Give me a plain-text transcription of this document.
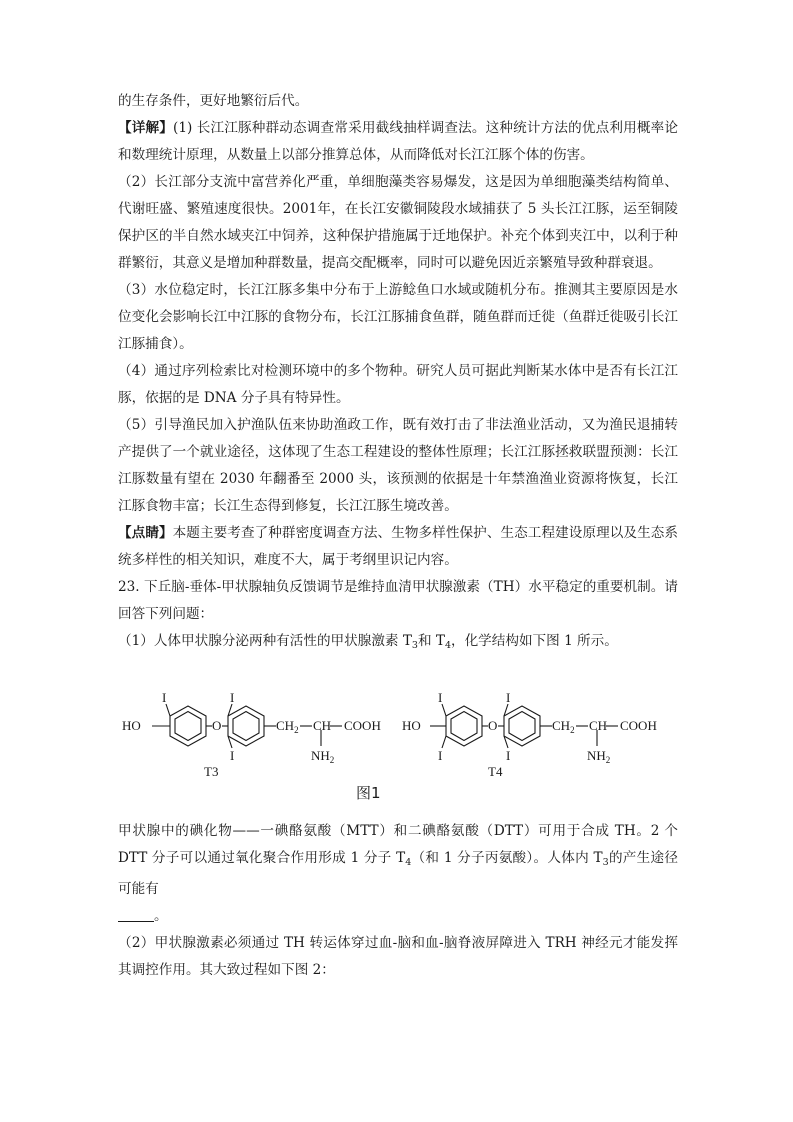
的生存条件，更好地繁衍后代。

【详解】(1) 长江江豚种群动态调查常采用截线抽样调查法。这种统计方法的优点利用概率论和数理统计原理，从数量上以部分推算总体，从而降低对长江江豚个体的伤害。

（2）长江部分支流中富营养化严重，单细胞藻类容易爆发，这是因为单细胞藻类结构简单、代谢旺盛、繁殖速度很快。2001年，在长江安徽铜陵段水域捕获了 5 头长江江豚，运至铜陵保护区的半自然水域夹江中饲养，这种保护措施属于迁地保护。补充个体到夹江中，以利于种群繁衍，其意义是增加种群数量，提高交配概率，同时可以避免因近亲繁殖导致种群衰退。

（3）水位稳定时，长江江豚多集中分布于上游鲶鱼口水域或随机分布。推测其主要原因是水位变化会影响长江中江豚的食物分布，长江江豚捕食鱼群，随鱼群而迁徙（鱼群迁徙吸引长江江豚捕食）。

（4）通过序列检索比对检测环境中的多个物种。研究人员可据此判断某水体中是否有长江江豚，依据的是 DNA 分子具有特异性。

（5）引导渔民加入护渔队伍来协助渔政工作，既有效打击了非法渔业活动，又为渔民退捕转产提供了一个就业途径，这体现了生态工程建设的整体性原理；长江江豚拯救联盟预测：长江江豚数量有望在 2030 年翻番至 2000 头，该预测的依据是十年禁渔渔业资源将恢复，长江江豚食物丰富；长江生态得到修复，长江江豚生境改善。

【点睛】本题主要考查了种群密度调查方法、生物多样性保护、生态工程建设原理以及生态系统多样性的相关知识，难度不大，属于考纲里识记内容。

23. 下丘脑-垂体-甲状腺轴负反馈调节是维持血清甲状腺激素（TH）水平稳定的重要机制。请回答下列问题：

（1）人体甲状腺分泌两种有活性的甲状腺激素 $T_3$和 $T_4$，化学结构如下图 1 所示。

HO	O
I	I
I
$CH_2$ CH COOH
$NH_2$
T3
HO	O
I
I
I
I
$CH_2$ CH COOH
$NH_2$
T4
图1

甲状腺中的碘化物——一碘酪氨酸（MTT）和二碘酪氨酸（DTT）可用于合成 TH。2 个 DTT 分子可以通过氧化聚合作用形成 1 分子 $T_4$（和 1 分子丙氨酸）。人体内 $T_3$的产生途径可能有

。

（2）甲状腺激素必须通过 TH 转运体穿过血-脑和血-脑脊液屏障进入 TRH 神经元才能发挥其调控作用。其大致过程如下图 2：
